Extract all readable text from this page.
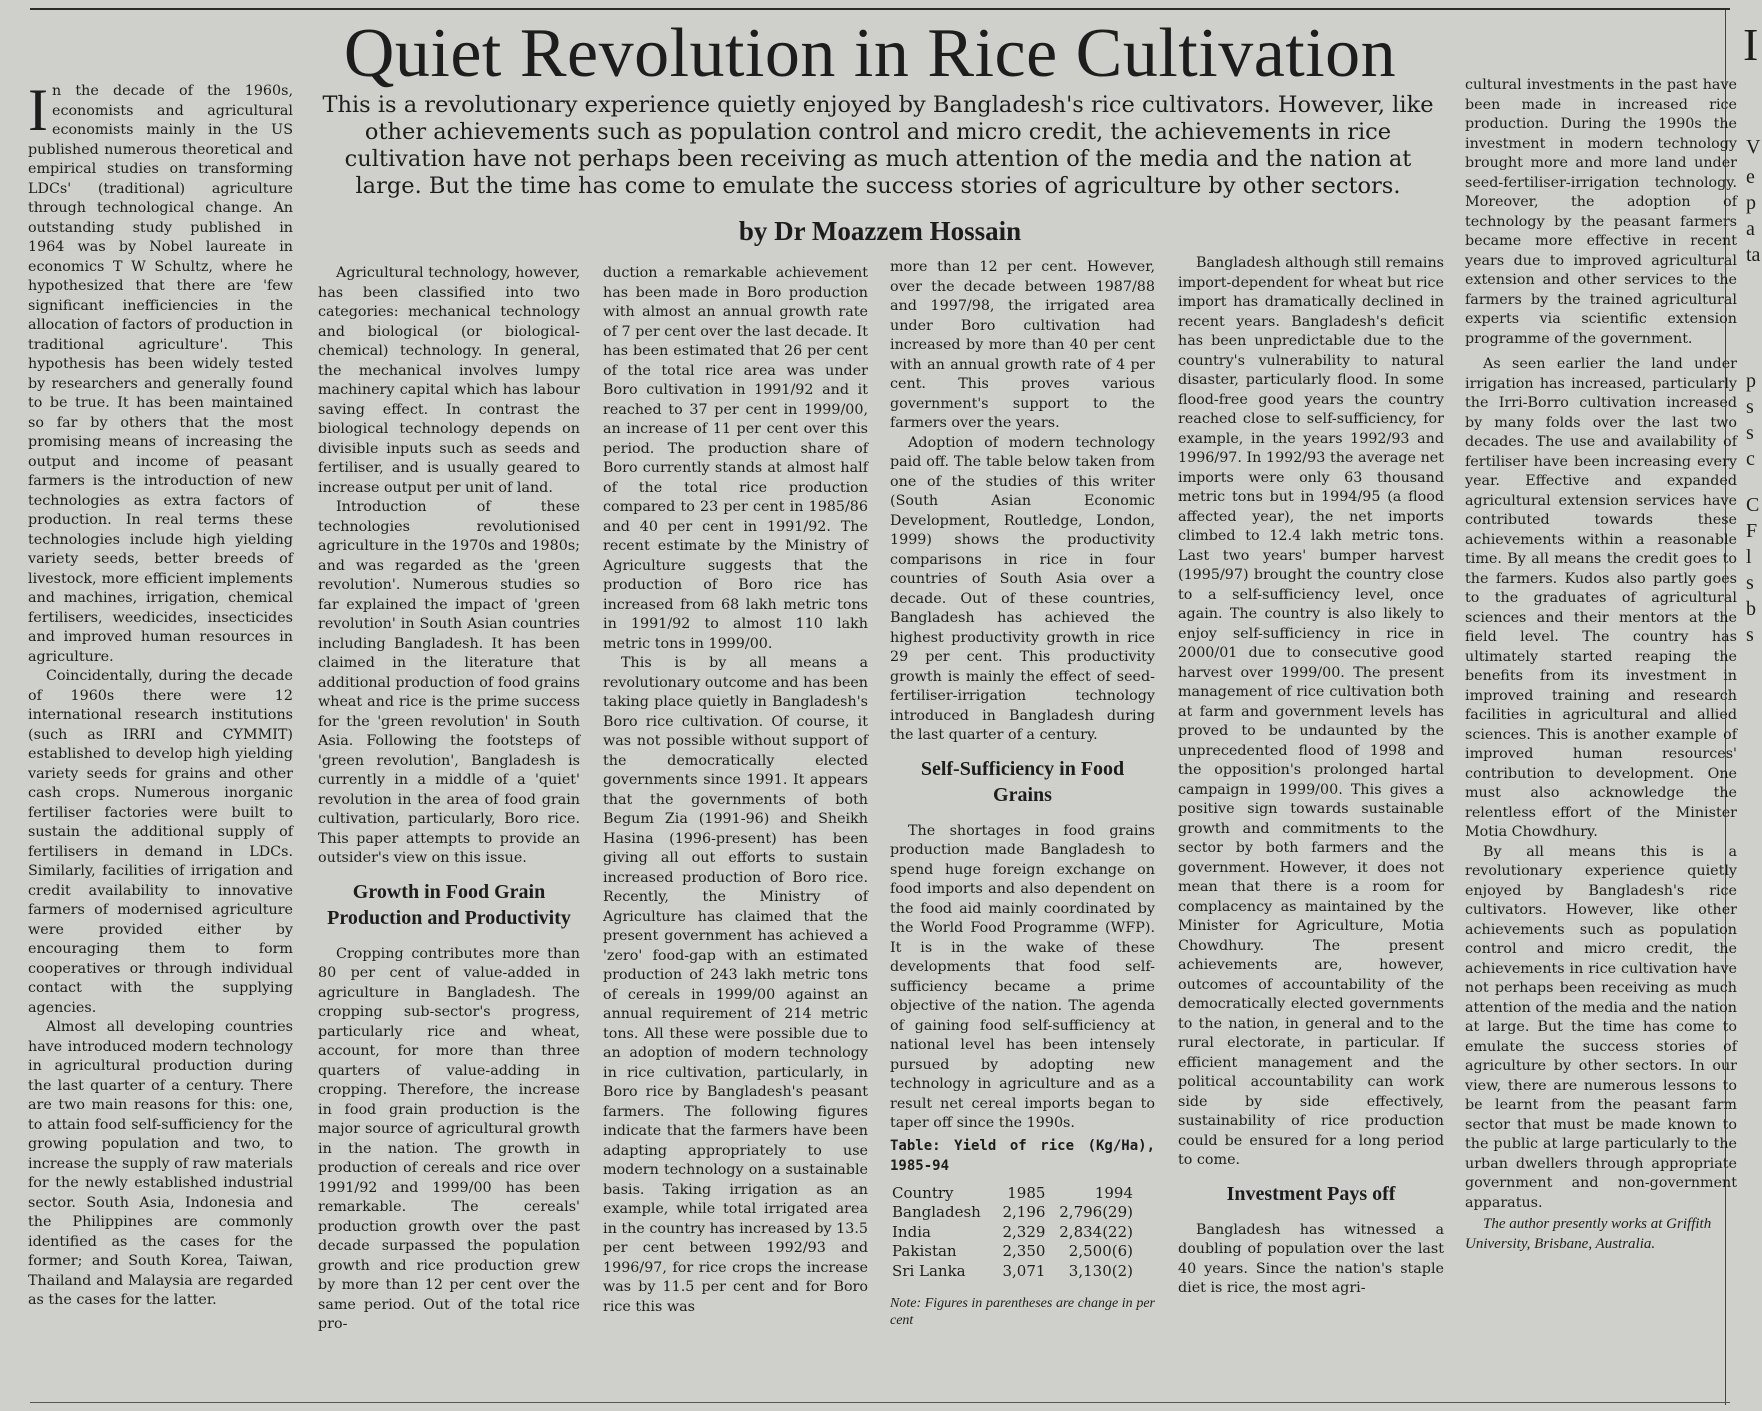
Quiet Revolution in Rice Cultivation

This is a revolutionary experience quietly enjoyed by Bangladesh's rice cultivators. However, like other achievements such as population control and micro credit, the achievements in rice cultivation have not perhaps been receiving as much attention of the media and the nation at large. But the time has come to emulate the success stories of agriculture by other sectors.

by Dr Moazzem Hossain

In the decade of the 1960s, economists and agricultural economists mainly in the US published numerous theoretical and empirical studies on transforming LDCs' (traditional) agriculture through technological change. An outstanding study published in 1964 was by Nobel laureate in economics T W Schultz, where he hypothesized that there are 'few significant inefficiencies in the allocation of factors of production in traditional agriculture'. This hypothesis has been widely tested by researchers and generally found to be true. It has been maintained so far by others that the most promising means of increasing the output and income of peasant farmers is the introduction of new technologies as extra factors of production. In real terms these technologies include high yielding variety seeds, better breeds of livestock, more efficient implements and machines, irrigation, chemical fertilisers, weedicides, insecticides and improved human resources in agriculture.

Coincidentally, during the decade of 1960s there were 12 international research institutions (such as IRRI and CYMMIT) established to develop high yielding variety seeds for grains and other cash crops. Numerous inorganic fertiliser factories were built to sustain the additional supply of fertilisers in demand in LDCs. Similarly, facilities of irrigation and credit availability to innovative farmers of modernised agriculture were provided either by encouraging them to form cooperatives or through individual contact with the supplying agencies.

Almost all developing countries have introduced modern technology in agricultural production during the last quarter of a century. There are two main reasons for this: one, to attain food self-sufficiency for the growing population and two, to increase the supply of raw materials for the newly established industrial sector. South Asia, Indonesia and the Philippines are commonly identified as the cases for the former; and South Korea, Taiwan, Thailand and Malaysia are regarded as the cases for the latter.

Agricultural technology, however, has been classified into two categories: mechanical technology and biological (or biological-chemical) technology. In general, the mechanical involves lumpy machinery capital which has labour saving effect. In contrast the biological technology depends on divisible inputs such as seeds and fertiliser, and is usually geared to increase output per unit of land.

Introduction of these technologies revolutionised agriculture in the 1970s and 1980s; and was regarded as the 'green revolution'. Numerous studies so far explained the impact of 'green revolution' in South Asian countries including Bangladesh. It has been claimed in the literature that additional production of food grains wheat and rice is the prime success for the 'green revolution' in South Asia. Following the footsteps of 'green revolution', Bangladesh is currently in a middle of a 'quiet' revolution in the area of food grain cultivation, particularly, Boro rice. This paper attempts to provide an outsider's view on this issue.

Growth in Food Grain Production and Productivity

Cropping contributes more than 80 per cent of value-added in agriculture in Bangladesh. The cropping sub-sector's progress, particularly rice and wheat, account, for more than three quarters of value-adding in cropping. Therefore, the increase in food grain production is the major source of agricultural growth in the nation. The growth in production of cereals and rice over 1991/92 and 1999/00 has been remarkable. The cereals' production growth over the past decade surpassed the population growth and rice production grew by more than 12 per cent over the same period. Out of the total rice pro-

duction a remarkable achievement has been made in Boro production with almost an annual growth rate of 7 per cent over the last decade. It has been estimated that 26 per cent of the total rice area was under Boro cultivation in 1991/92 and it reached to 37 per cent in 1999/00, an increase of 11 per cent over this period. The production share of Boro currently stands at almost half of the total rice production compared to 23 per cent in 1985/86 and 40 per cent in 1991/92. The recent estimate by the Ministry of Agriculture suggests that the production of Boro rice has increased from 68 lakh metric tons in 1991/92 to almost 110 lakh metric tons in 1999/00.

This is by all means a revolutionary outcome and has been taking place quietly in Bangladesh's Boro rice cultivation. Of course, it was not possible without support of the democratically elected governments since 1991. It appears that the governments of both Begum Zia (1991-96) and Sheikh Hasina (1996-present) has been giving all out efforts to sustain increased production of Boro rice. Recently, the Ministry of Agriculture has claimed that the present government has achieved a 'zero' food-gap with an estimated production of 243 lakh metric tons of cereals in 1999/00 against an annual requirement of 214 metric tons. All these were possible due to an adoption of modern technology in rice cultivation, particularly, in Boro rice by Bangladesh's peasant farmers. The following figures indicate that the farmers have been adapting appropriately to use modern technology on a sustainable basis. Taking irrigation as an example, while total irrigated area in the country has increased by 13.5 per cent between 1992/93 and 1996/97, for rice crops the increase was by 11.5 per cent and for Boro rice this was

more than 12 per cent. However, over the decade between 1987/88 and 1997/98, the irrigated area under Boro cultivation had increased by more than 40 per cent with an annual growth rate of 4 per cent. This proves various government's support to the farmers over the years.

Adoption of modern technology paid off. The table below taken from one of the studies of this writer (South Asian Economic Development, Routledge, London, 1999) shows the productivity comparisons in rice in four countries of South Asia over a decade. Out of these countries, Bangladesh has achieved the highest productivity growth in rice 29 per cent. This productivity growth is mainly the effect of seed-fertiliser-irrigation technology introduced in Bangladesh during the last quarter of a century.

Self-Sufficiency in Food Grains

The shortages in food grains production made Bangladesh to spend huge foreign exchange on food imports and also dependent on the food aid mainly coordinated by the World Food Programme (WFP). It is in the wake of these developments that food self-sufficiency became a prime objective of the nation. The agenda of gaining food self-sufficiency at national level has been intensely pursued by adopting new technology in agriculture and as a result net cereal imports began to taper off since the 1990s.

Table: Yield of rice (Kg/Ha), 1985-94
Country	1985	1994
Bangladesh	2,196	2,796(29)
India	2,329	2,834(22)
Pakistan	2,350	2,500(6)
Sri Lanka	3,071	3,130(2)
Note: Figures in parentheses are change in per cent

Bangladesh although still remains import-dependent for wheat but rice import has dramatically declined in recent years. Bangladesh's deficit has been unpredictable due to the country's vulnerability to natural disaster, particularly flood. In some flood-free good years the country reached close to self-sufficiency, for example, in the years 1992/93 and 1996/97. In 1992/93 the average net imports were only 63 thousand metric tons but in 1994/95 (a flood affected year), the net imports climbed to 12.4 lakh metric tons. Last two years' bumper harvest (1995/97) brought the country close to a self-sufficiency level, once again. The country is also likely to enjoy self-sufficiency in rice in 2000/01 due to consecutive good harvest over 1999/00. The present management of rice cultivation both at farm and government levels has proved to be undaunted by the unprecedented flood of 1998 and the opposition's prolonged hartal campaign in 1999/00. This gives a positive sign towards sustainable growth and commitments to the sector by both farmers and the government. However, it does not mean that there is a room for complacency as maintained by the Minister for Agriculture, Motia Chowdhury. The present achievements are, however, outcomes of accountability of the democratically elected governments to the nation, in general and to the rural electorate, in particular. If efficient management and the political accountability can work side by side effectively, sustainability of rice production could be ensured for a long period to come.

Investment Pays off

Bangladesh has witnessed a doubling of population over the last 40 years. Since the nation's staple diet is rice, the most agri-

cultural investments in the past have been made in increased rice production. During the 1990s the investment in modern technology brought more and more land under seed-fertiliser-irrigation technology. Moreover, the adoption of technology by the peasant farmers became more effective in recent years due to improved agricultural extension and other services to the farmers by the trained agricultural experts via scientific extension programme of the government.

As seen earlier the land under irrigation has increased, particularly the Irri-Borro cultivation increased by many folds over the last two decades. The use and availability of fertiliser have been increasing every year. Effective and expanded agricultural extension services have contributed towards these achievements within a reasonable time. By all means the credit goes to the farmers. Kudos also partly goes to the graduates of agricultural sciences and their mentors at the field level. The country has ultimately started reaping the benefits from its investment in improved training and research facilities in agricultural and allied sciences. This is another example of improved human resources' contribution to development. One must also acknowledge the relentless effort of the Minister Motia Chowdhury.

By all means this is a revolutionary experience quietly enjoyed by Bangladesh's rice cultivators. However, like other achievements such as population control and micro credit, the achievements in rice cultivation have not perhaps been receiving as much attention of the media and the nation at large. But the time has come to emulate the success stories of agriculture by other sectors. In our view, there are numerous lessons to be learnt from the peasant farm sector that must be made known to the public at large particularly to the urban dwellers through appropriate government and non-government apparatus.

The author presently works at Griffith University, Brisbane, Australia.
I
V
e
p
a
ta
p
s
s
c
C
F
l
s
b
s
